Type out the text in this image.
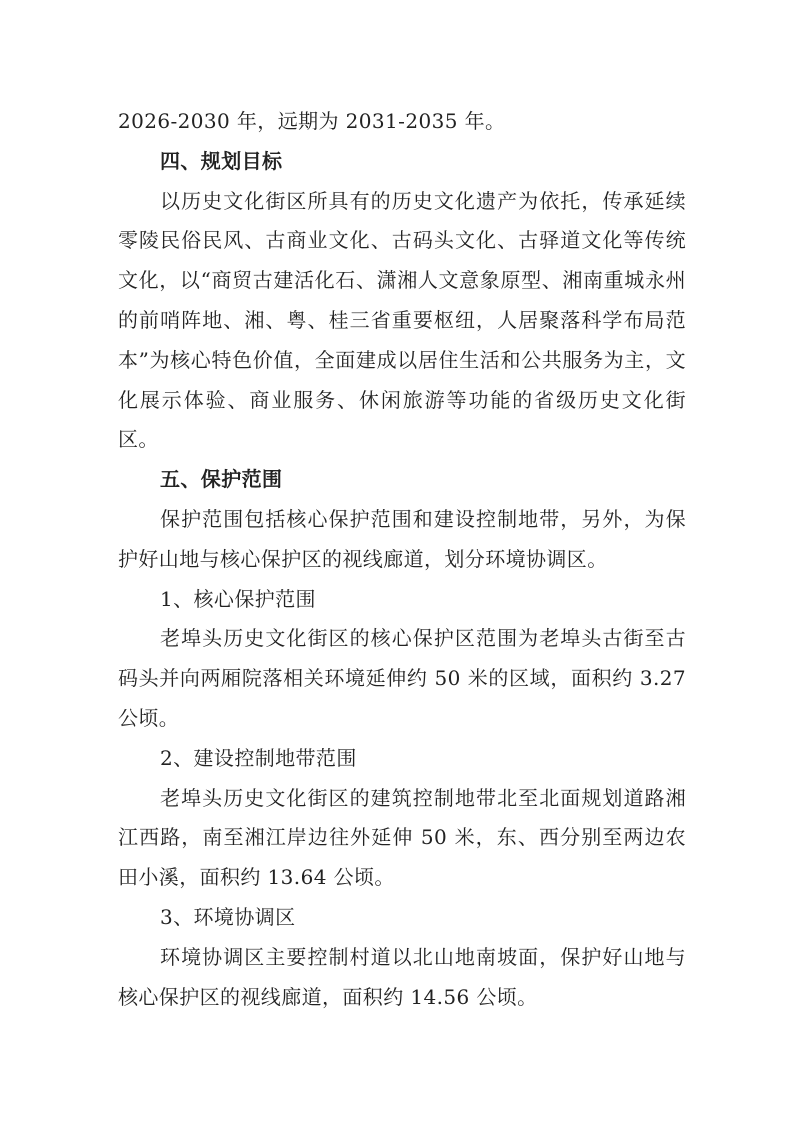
2026-2030 年，远期为 2031-2035 年。

四、规划目标

以历史文化街区所具有的历史文化遗产为依托，传承延续零陵民俗民风、古商业文化、古码头文化、古驿道文化等传统文化，以“商贸古建活化石、潇湘人文意象原型、湘南重城永州的前哨阵地、湘、粤、桂三省重要枢纽，人居聚落科学布局范本”为核心特色价值，全面建成以居住生活和公共服务为主，文化展示体验、商业服务、休闲旅游等功能的省级历史文化街区。

五、保护范围

保护范围包括核心保护范围和建设控制地带，另外，为保护好山地与核心保护区的视线廊道，划分环境协调区。

1、核心保护范围

老埠头历史文化街区的核心保护区范围为老埠头古街至古码头并向两厢院落相关环境延伸约 50 米的区域，面积约 3.27 公顷。

2、建设控制地带范围

老埠头历史文化街区的建筑控制地带北至北面规划道路湘江西路，南至湘江岸边往外延伸 50 米，东、西分别至两边农田小溪，面积约 13.64 公顷。

3、环境协调区

环境协调区主要控制村道以北山地南坡面，保护好山地与核心保护区的视线廊道，面积约 14.56 公顷。
